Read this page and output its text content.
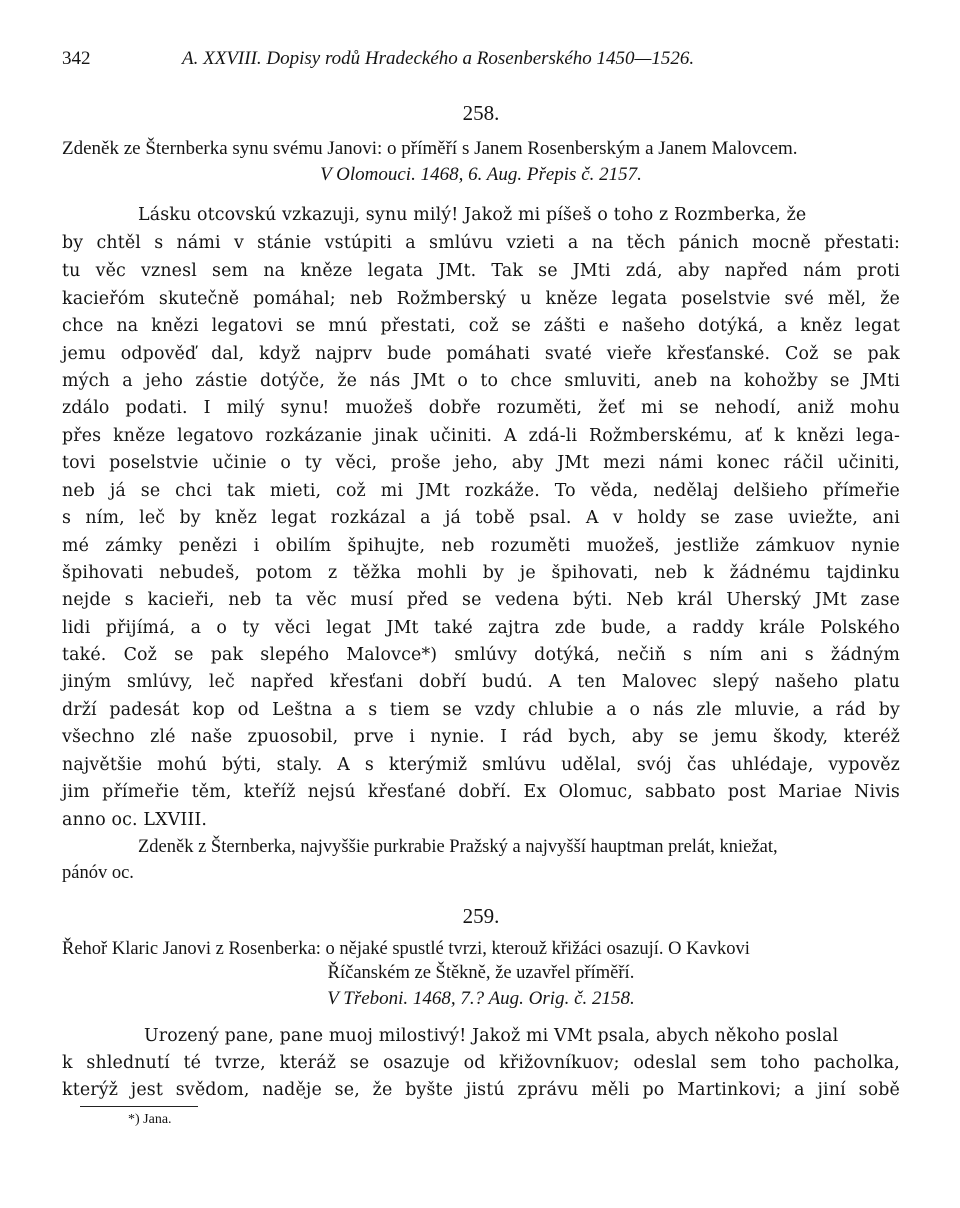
342	A. XXVIII. Dopisy rodů Hradeckého a Rosenberského 1450—1526.
258.
Zdeněk ze Šternberka synu svému Janovi: o příměří s Janem Rosenberským a Janem Malovcem.
V Olomouci. 1468, 6. Aug. Přepis č. 2157.
Lásku otcovskú vzkazuji, synu milý! Jakož mi píšeš o toho z Rozmberka, že
by chtěl s námi v stánie vstúpiti a smlúvu vzieti a na těch pánich mocně přestati:
tu věc vznesl sem na kněze legata JMt. Tak se JMti zdá, aby napřed nám proti
kacieřóm skutečně pomáhal; neb Rožmberský u kněze legata poselstvie své měl, že
chce na knězi legatovi se mnú přestati, což se zášti e našeho dotýká, a kněz legat
jemu odpověď dal, když najprv bude pomáhati svaté vieře křesťanské. Což se pak
mých a jeho zástie dotýče, že nás JMt o to chce smluviti, aneb na kohožby se JMti
zdálo podati. I milý synu! muožeš dobře rozuměti, žeť mi se nehodí, aniž mohu
přes kněze legatovo rozkázanie jinak učiniti. A zdá-li Rožmberskému, ať k knězi lega-
tovi poselstvie učinie o ty věci, proše jeho, aby JMt mezi námi konec ráčil učiniti,
neb já se chci tak mieti, což mi JMt rozkáže. To věda, nedělaj delšieho přímeřie
s ním, leč by kněz legat rozkázal a já tobě psal. A v holdy se zase uviežte, ani
mé zámky penězi i obilím špihujte, neb rozuměti muožeš, jestliže zámkuov nynie
špihovati nebudeš, potom z těžka mohli by je špihovati, neb k žádnému tajdinku
nejde s kacieři, neb ta věc musí před se vedena býti. Neb král Uherský JMt zase
lidi přijímá, a o ty věci legat JMt také zajtra zde bude, a raddy krále Polského
také. Což se pak slepého Malovce*) smlúvy dotýká, nečiň s ním ani s žádným
jiným smlúvy, leč napřed křesťani dobří budú. A ten Malovec slepý našeho platu
drží padesát kop od Leštna a s tiem se vzdy chlubie a o nás zle mluvie, a rád by
všechno zlé naše zpuosobil, prve i nynie. I rád bych, aby se jemu škody, kteréž
najvětšie mohú býti, staly. A s kterýmiž smlúvu udělal, svój čas uhlédaje, vypověz
jim přímeřie těm, kteříž nejsú křesťané dobří. Ex Olomuc, sabbato post Mariae Nivis
anno oc. LXVIII.
Zdeněk z Šternberka, najvyššie purkrabie Pražský a najvyšší hauptman prelát, kniežat,
pánóv oc.
259.
Řehoř Klaric Janovi z Rosenberka: o nějaké spustlé tvrzi, kterouž křižáci osazují. O Kavkovi
Říčanském ze Štěkně, že uzavřel příměří.
V Třeboni. 1468, 7.? Aug. Orig. č. 2158.
Urozený pane, pane muoj milostivý! Jakož mi VMt psala, abych někoho poslal
k shlednutí té tvrze, kteráž se osazuje od křižovníkuov; odeslal sem toho pacholka,
kterýž jest svědom, naděje se, že byšte jistú zprávu měli po Martinkovi; a jiní sobě
*) Jana.
